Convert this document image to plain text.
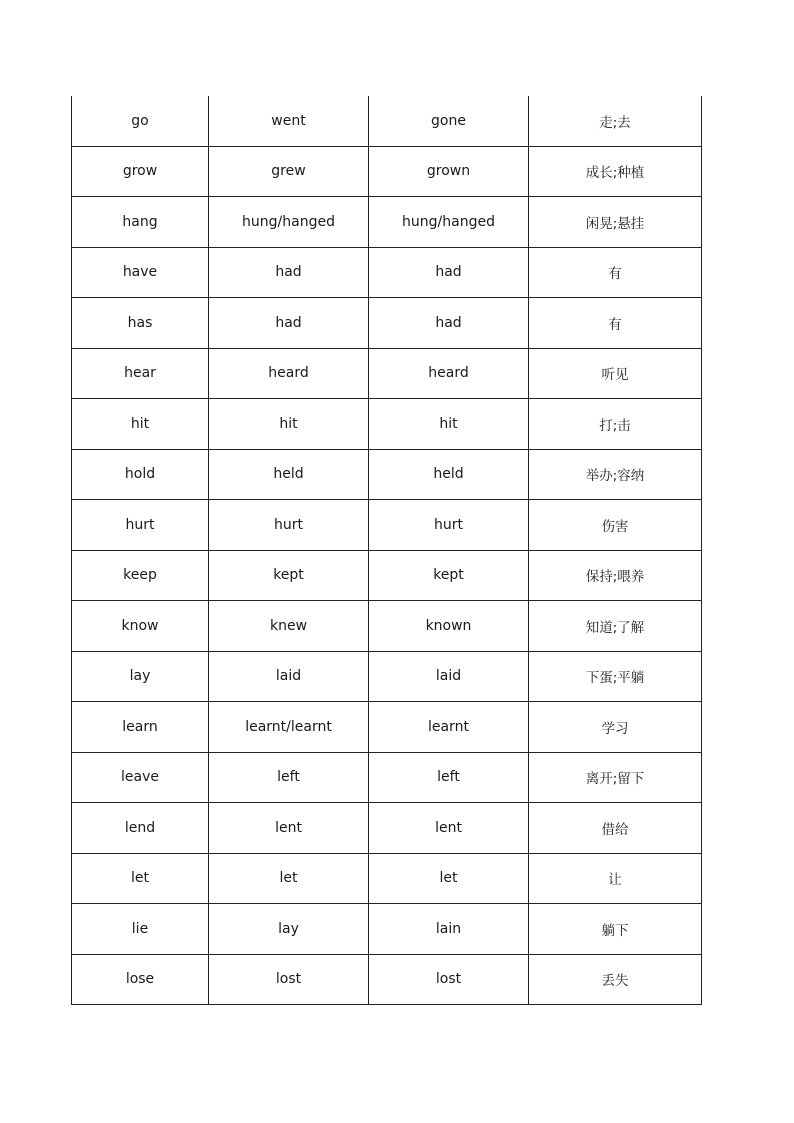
go	went	gone	走;去
grow	grew	grown	成长;种植
hang	hung/hanged	hung/hanged	闲晃;悬挂
have	had	had	有
has	had	had	有
hear	heard	heard	听见
hit	hit	hit	打;击
hold	held	held	举办;容纳
hurt	hurt	hurt	伤害
keep	kept	kept	保持;喂养
know	knew	known	知道;了解
lay	laid	laid	下蛋;平躺
learn	learnt/learnt	learnt	学习
leave	left	left	离开;留下
lend	lent	lent	借给
let	let	let	让
lie	lay	lain	躺下
lose	lost	lost	丢失
